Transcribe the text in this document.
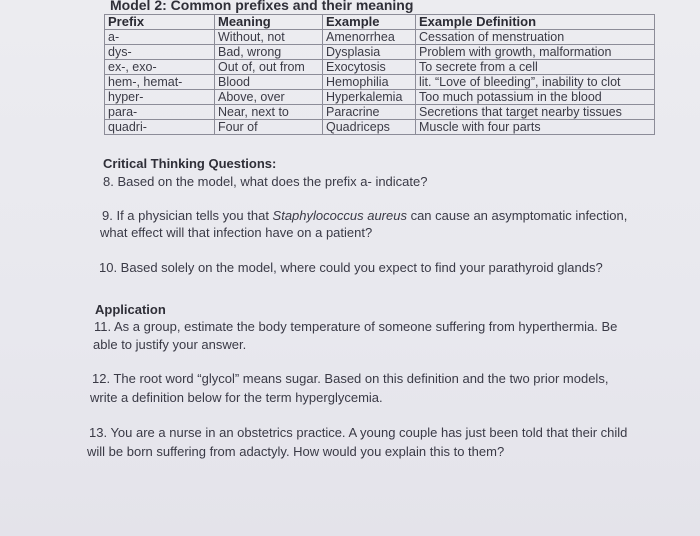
Model 2: Common prefixes and their meaning
Prefix	Meaning	Example	Example Definition
a-	Without, not	Amenorrhea	Cessation of menstruation
dys-	Bad, wrong	Dysplasia	Problem with growth, malformation
ex-, exo-	Out of, out from	Exocytosis	To secrete from a cell
hem-, hemat-	Blood	Hemophilia	lit. “Love of bleeding”, inability to clot
hyper-	Above, over	Hyperkalemia	Too much potassium in the blood
para-	Near, next to	Paracrine	Secretions that target nearby tissues
quadri-	Four of	Quadriceps	Muscle with four parts
Critical Thinking Questions:
8. Based on the model, what does the prefix a- indicate?
9. If a physician tells you that Staphylococcus aureus can cause an asymptomatic infection,
what effect will that infection have on a patient?
10. Based solely on the model, where could you expect to find your parathyroid glands?
Application
11. As a group, estimate the body temperature of someone suffering from hyperthermia. Be
able to justify your answer.
12. The root word “glycol” means sugar. Based on this definition and the two prior models,
write a definition below for the term hyperglycemia.
13. You are a nurse in an obstetrics practice. A young couple has just been told that their child
will be born suffering from adactyly. How would you explain this to them?
